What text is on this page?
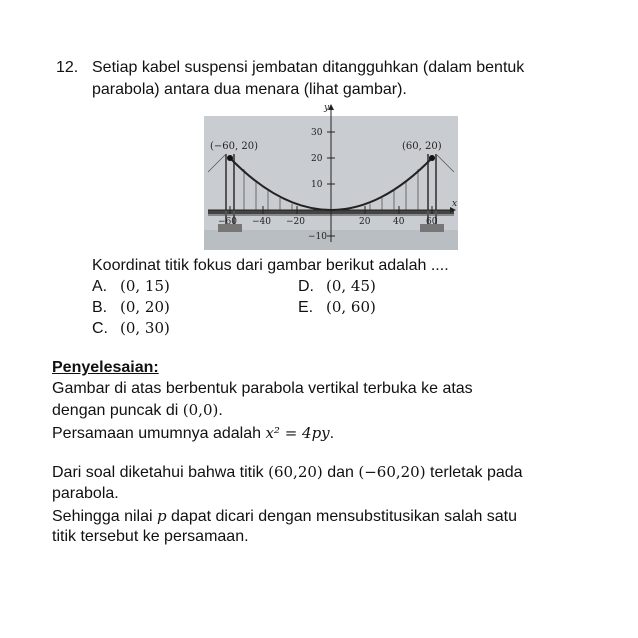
12. Setiap kabel suspensi jembatan ditangguhkan (dalam bentuk
parabola) antara dua menara (lihat gambar).
y
x
30
20
10
−10
−60 −40 −20	20	40 60
(−60, 20)	(60, 20)
Koordinat titik fokus dari gambar berikut adalah ....
A. (0, 15)
B. (0, 20)
C. (0, 30)
D. (0, 45)
E. (0, 60)
Penyelesaian:
Gambar di atas berbentuk parabola vertikal terbuka ke atas
dengan puncak di (0,0).
Persamaan umumnya adalah x² = 4py.
Dari soal diketahui bahwa titik (60,20) dan (−60,20) terletak pada
parabola.
Sehingga nilai p dapat dicari dengan mensubstitusikan salah satu
titik tersebut ke persamaan.
